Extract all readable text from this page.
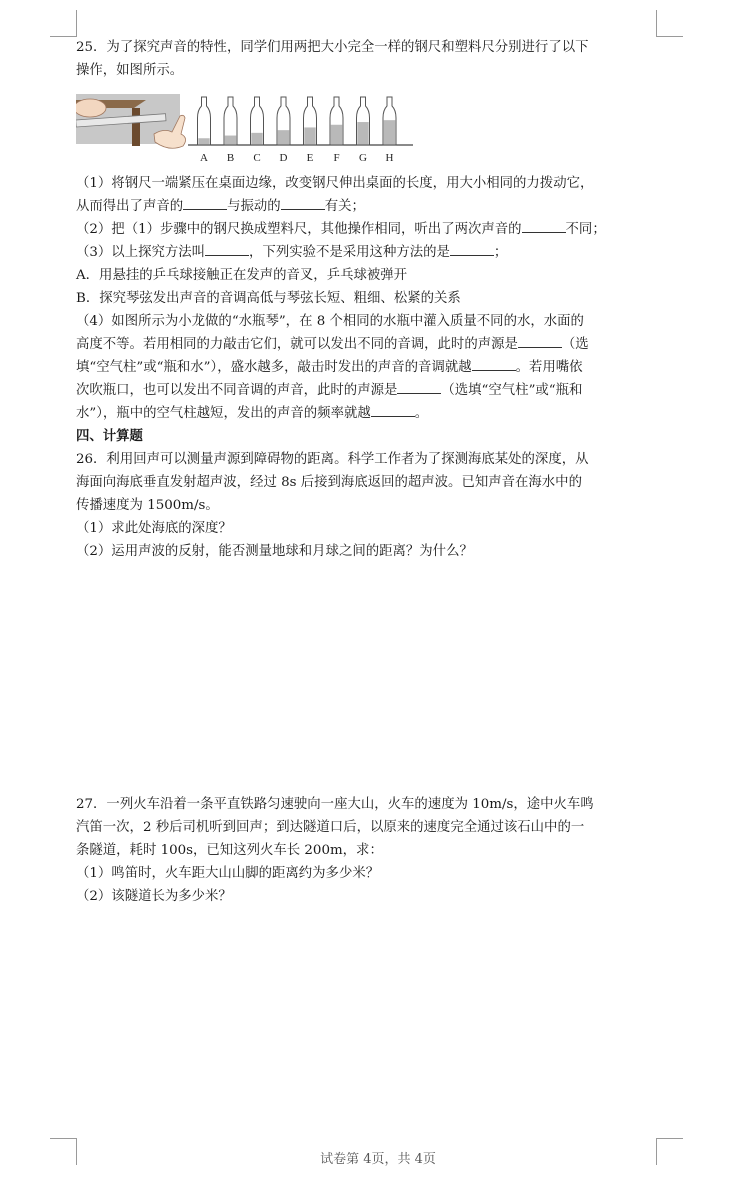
25．为了探究声音的特性，同学们用两把大小完全一样的钢尺和塑料尺分别进行了以下
操作，如图所示。
A B C D E F G H
（1）将钢尺一端紧压在桌面边缘，改变钢尺伸出桌面的长度，用大小相同的力拨动它，
从而得出了声音的	与振动的	有关；
（2）把（1）步骤中的钢尺换成塑料尺，其他操作相同，听出了两次声音的	不同；
（3）以上探究方法叫	，下列实验不是采用这种方法的是	；
A．用悬挂的乒乓球接触正在发声的音叉，乒乓球被弹开
B．探究琴弦发出声音的音调高低与琴弦长短、粗细、松紧的关系
（4）如图所示为小龙做的“水瓶琴”，在 8 个相同的水瓶中灌入质量不同的水，水面的
高度不等。若用相同的力敲击它们，就可以发出不同的音调，此时的声源是	（选
填“空气柱”或“瓶和水”），盛水越多，敲击时发出的声音的音调就越	。若用嘴依
次吹瓶口，也可以发出不同音调的声音，此时的声源是	（选填“空气柱”或“瓶和
水”），瓶中的空气柱越短，发出的声音的频率就越	。
四、计算题
26．利用回声可以测量声源到障碍物的距离。科学工作者为了探测海底某处的深度，从
海面向海底垂直发射超声波，经过 8s 后接到海底返回的超声波。已知声音在海水中的
传播速度为 1500m/s。
（1）求此处海底的深度？
（2）运用声波的反射，能否测量地球和月球之间的距离？为什么？
27．一列火车沿着一条平直铁路匀速驶向一座大山，火车的速度为 10m/s，途中火车鸣
汽笛一次，2 秒后司机听到回声；到达隧道口后，以原来的速度完全通过该石山中的一
条隧道，耗时 100s，已知这列火车长 200m，求：
（1）鸣笛时，火车距大山山脚的距离约为多少米？
（2）该隧道长为多少米？
试卷第 4页，共 4页
